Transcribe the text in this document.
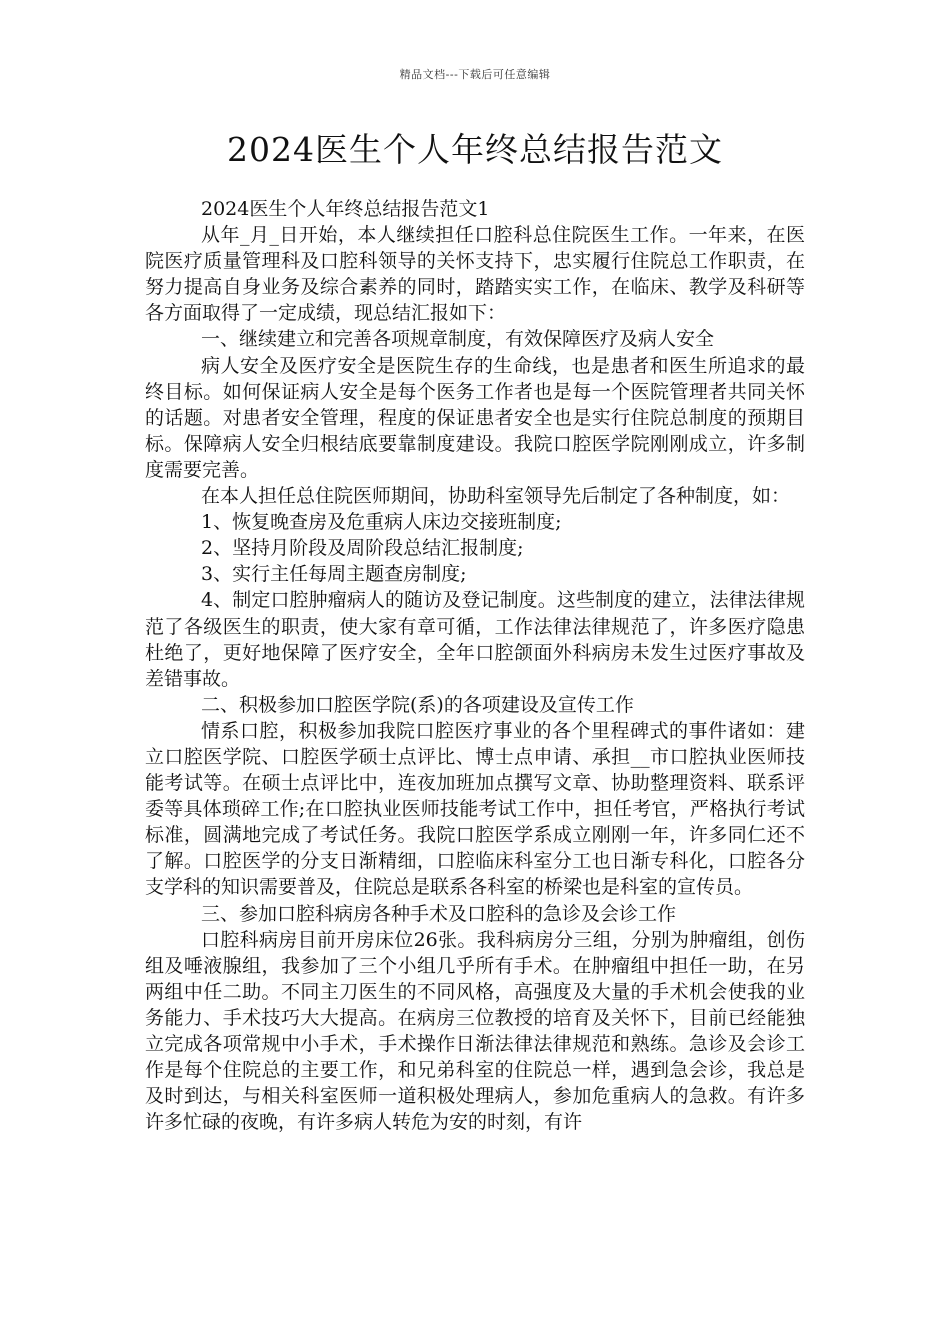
精品文档---下载后可任意编辑
2024医生个人年终总结报告范文

2024医生个人年终总结报告范文1

从年_月_日开始，本人继续担任口腔科总住院医生工作。一年来，在医院医疗质量管理科及口腔科领导的关怀支持下，忠实履行住院总工作职责，在努力提高自身业务及综合素养的同时，踏踏实实工作，在临床、教学及科研等各方面取得了一定成绩，现总结汇报如下：

一、继续建立和完善各项规章制度，有效保障医疗及病人安全

病人安全及医疗安全是医院生存的生命线，也是患者和医生所追求的最终目标。如何保证病人安全是每个医务工作者也是每一个医院管理者共同关怀的话题。对患者安全管理，程度的保证患者安全也是实行住院总制度的预期目标。保障病人安全归根结底要靠制度建设。我院口腔医学院刚刚成立，许多制度需要完善。

在本人担任总住院医师期间，协助科室领导先后制定了各种制度，如：

1、恢复晚查房及危重病人床边交接班制度;

2、坚持月阶段及周阶段总结汇报制度;

3、实行主任每周主题查房制度;

4、制定口腔肿瘤病人的随访及登记制度。这些制度的建立，法律法律规范了各级医生的职责，使大家有章可循，工作法律法律规范了，许多医疗隐患杜绝了，更好地保障了医疗安全，全年口腔颌面外科病房未发生过医疗事故及差错事故。

二、积极参加口腔医学院(系)的各项建设及宣传工作

情系口腔，积极参加我院口腔医疗事业的各个里程碑式的事件诸如：建立口腔医学院、口腔医学硕士点评比、博士点申请、承担__市口腔执业医师技能考试等。在硕士点评比中，连夜加班加点撰写文章、协助整理资料、联系评委等具体琐碎工作;在口腔执业医师技能考试工作中，担任考官，严格执行考试标准，圆满地完成了考试任务。我院口腔医学系成立刚刚一年，许多同仁还不了解。口腔医学的分支日渐精细，口腔临床科室分工也日渐专科化，口腔各分支学科的知识需要普及，住院总是联系各科室的桥梁也是科室的宣传员。

三、参加口腔科病房各种手术及口腔科的急诊及会诊工作

口腔科病房目前开房床位26张。我科病房分三组，分别为肿瘤组，创伤组及唾液腺组，我参加了三个小组几乎所有手术。在肿瘤组中担任一助，在另两组中任二助。不同主刀医生的不同风格，高强度及大量的手术机会使我的业务能力、手术技巧大大提高。在病房三位教授的培育及关怀下，目前已经能独立完成各项常规中小手术，手术操作日渐法律法律规范和熟练。急诊及会诊工作是每个住院总的主要工作，和兄弟科室的住院总一样，遇到急会诊，我总是及时到达，与相关科室医师一道积极处理病人，参加危重病人的急救。有许多许多忙碌的夜晚，有许多病人转危为安的时刻，有许
